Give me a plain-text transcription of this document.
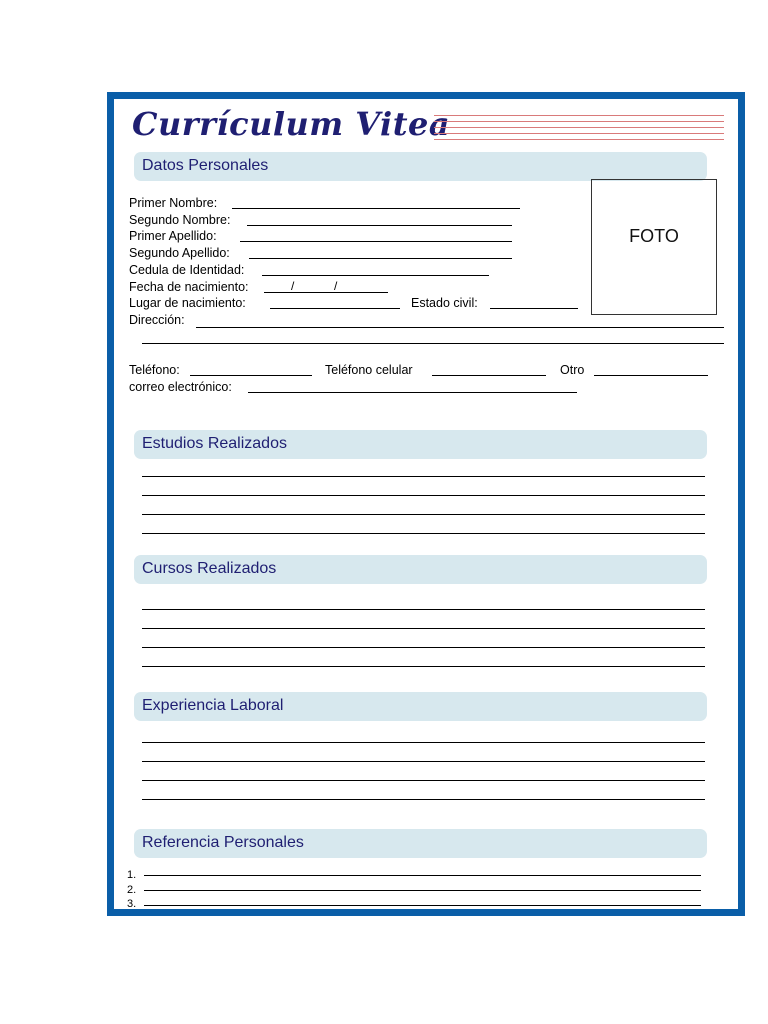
Currículum Vitea
Datos Personales
Primer Nombre:
Segundo Nombre:
Primer Apellido:
Segundo Apellido:
Cedula de Identidad:
Fecha de nacimiento:	/	/
Lugar de nacimiento:	Estado civil:
Dirección:
FOTO
Teléfono:	Teléfono celular	Otro
correo electrónico:
Estudios Realizados
Cursos Realizados
Experiencia Laboral
Referencia Personales
1.
2.
3.
